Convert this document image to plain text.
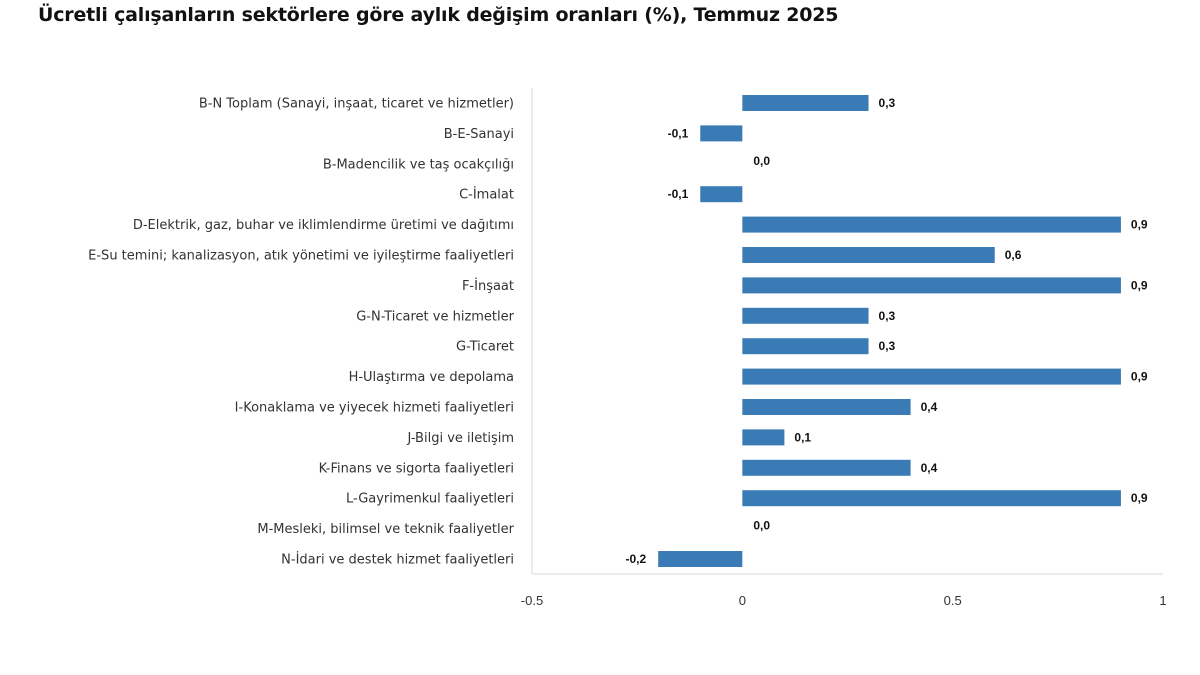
Ücretli çalışanların sektörlere göre aylık değişim oranları (%), Temmuz 2025
B-N Toplam (Sanayi, inşaat, ticaret ve hizmetler)	0,3
B-E-Sanayi	-0,1
B-Madencilik ve taş ocakçılığı	0,0
C-İmalat	-0,1
D-Elektrik, gaz, buhar ve iklimlendirme üretimi ve dağıtımı	0,9
E-Su temini; kanalizasyon, atık yönetimi ve iyileştirme faaliyetleri	0,6
F-İnşaat	0,9
G-N-Ticaret ve hizmetler	0,3
G-Ticaret	0,3
H-Ulaştırma ve depolama	0,9
I-Konaklama ve yiyecek hizmeti faaliyetleri	0,4
J-Bilgi ve iletişim	0,1
K-Finans ve sigorta faaliyetleri	0,4
L-Gayrimenkul faaliyetleri	0,9
M-Mesleki, bilimsel ve teknik faaliyetler	0,0
N-İdari ve destek hizmet faaliyetleri	-0,2
-0.5	0	0.5	1
